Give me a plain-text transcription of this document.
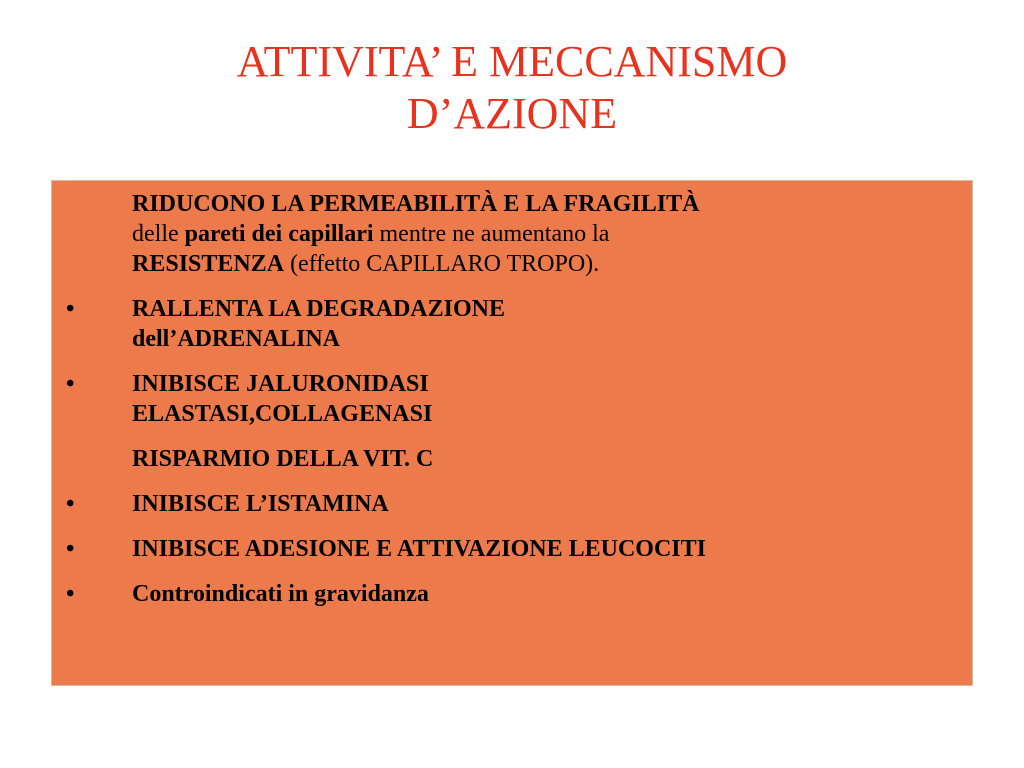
ATTIVITA’ E MECCANISMO
D’AZIONE
RIDUCONO LA PERMEABILITÀ E LA FRAGILITÀ
delle pareti dei capillari mentre ne aumentano la
RESISTENZA (effetto CAPILLARO TROPO).
•	RALLENTA LA DEGRADAZIONE
dell’ADRENALINA
•	INIBISCE JALURONIDASI
ELASTASI,COLLAGENASI
RISPARMIO DELLA VIT. C
•	INIBISCE L’ISTAMINA
•	INIBISCE ADESIONE E ATTIVAZIONE LEUCOCITI
•	Controindicati in gravidanza
